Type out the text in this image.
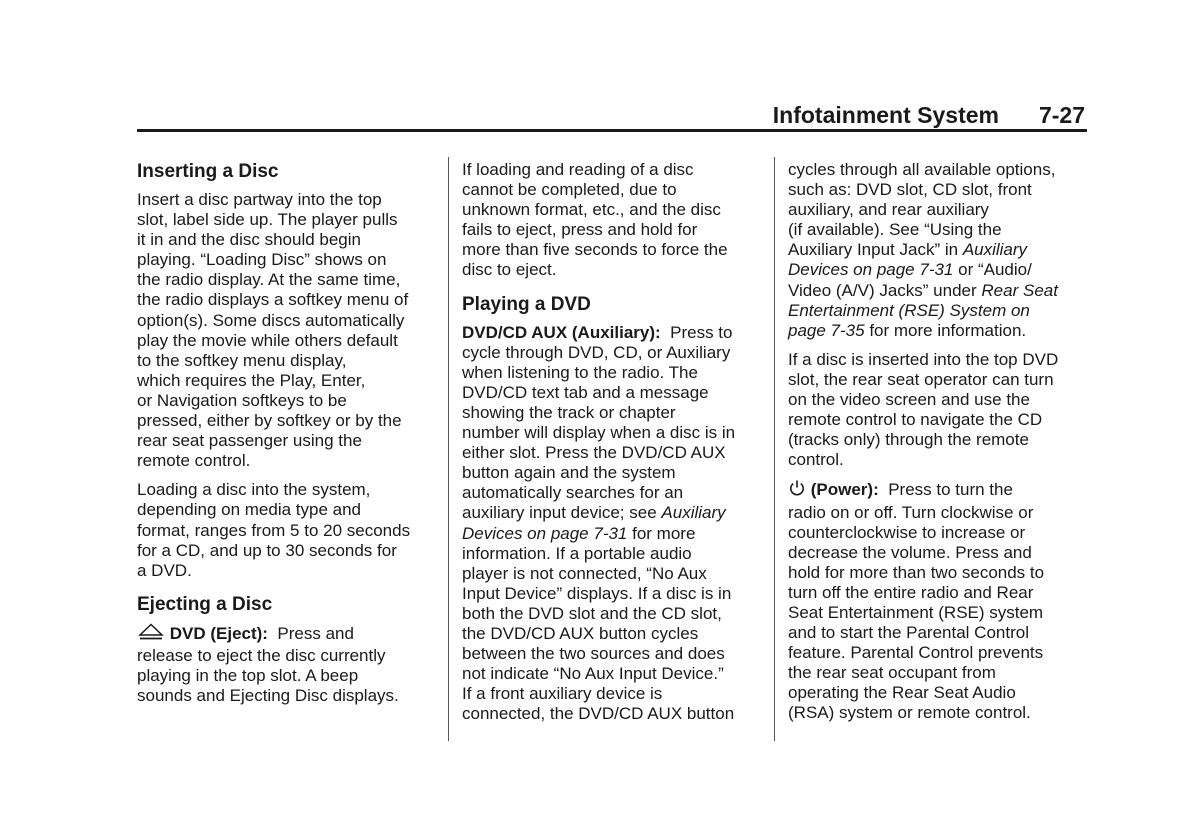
Infotainment System 7-27
Inserting a Disc

Insert a disc partway into the top
slot, label side up. The player pulls
it in and the disc should begin
playing. “Loading Disc” shows on
the radio display. At the same time,
the radio displays a softkey menu of
option(s). Some discs automatically
play the movie while others default
to the softkey menu display,
which requires the Play, Enter,
or Navigation softkeys to be
pressed, either by softkey or by the
rear seat passenger using the
remote control.

Loading a disc into the system,
depending on media type and
format, ranges from 5 to 20 seconds
for a CD, and up to 30 seconds for
a DVD.

Ejecting a Disc

DVD (Eject): Press and
release to eject the disc currently
playing in the top slot. A beep
sounds and Ejecting Disc displays.

If loading and reading of a disc
cannot be completed, due to
unknown format, etc., and the disc
fails to eject, press and hold for
more than five seconds to force the
disc to eject.

Playing a DVD

DVD/CD AUX (Auxiliary): Press to
cycle through DVD, CD, or Auxiliary
when listening to the radio. The
DVD/CD text tab and a message
showing the track or chapter
number will display when a disc is in
either slot. Press the DVD/CD AUX
button again and the system
automatically searches for an
auxiliary input device; see Auxiliary
Devices on page 7-31 for more
information. If a portable audio
player is not connected, “No Aux
Input Device” displays. If a disc is in
both the DVD slot and the CD slot,
the DVD/CD AUX button cycles
between the two sources and does
not indicate “No Aux Input Device.”
If a front auxiliary device is
connected, the DVD/CD AUX button

cycles through all available options,
such as: DVD slot, CD slot, front
auxiliary, and rear auxiliary
(if available). See “Using the
Auxiliary Input Jack” in Auxiliary
Devices on page 7-31 or “Audio/
Video (A/V) Jacks” under Rear Seat
Entertainment (RSE) System on
page 7-35 for more information.

If a disc is inserted into the top DVD
slot, the rear seat operator can turn
on the video screen and use the
remote control to navigate the CD
(tracks only) through the remote
control.

(Power): Press to turn the
radio on or off. Turn clockwise or
counterclockwise to increase or
decrease the volume. Press and
hold for more than two seconds to
turn off the entire radio and Rear
Seat Entertainment (RSE) system
and to start the Parental Control
feature. Parental Control prevents
the rear seat occupant from
operating the Rear Seat Audio
(RSA) system or remote control.
